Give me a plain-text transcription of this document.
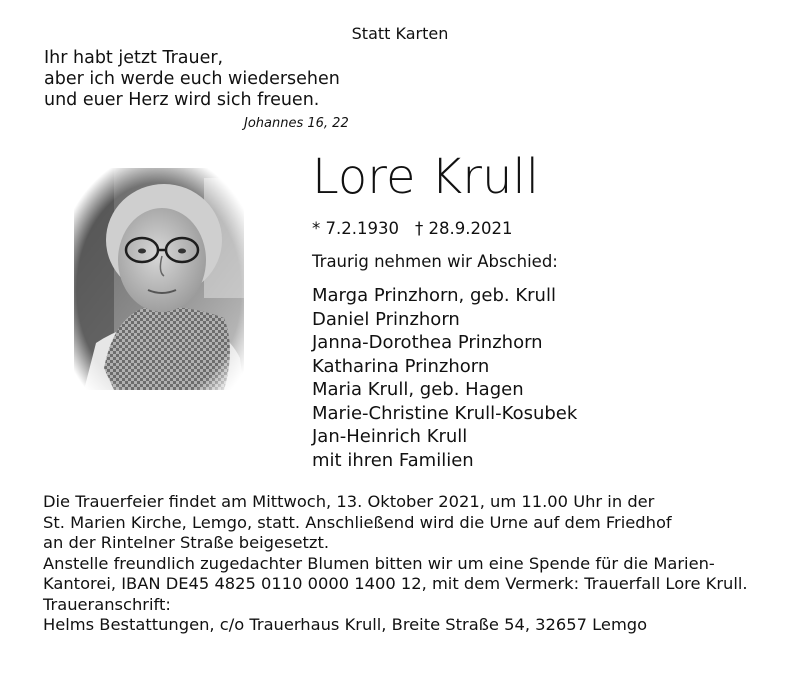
Statt Karten
Ihr habt jetzt Trauer,
aber ich werde euch wiedersehen
und euer Herz wird sich freuen.
Johannes 16, 22
Lore Krull
* 7.2.1930 † 28.9.2021
Traurig nehmen wir Abschied:
Marga Prinzhorn, geb. Krull
Daniel Prinzhorn
Janna-Dorothea Prinzhorn
Katharina Prinzhorn
Maria Krull, geb. Hagen
Marie-Christine Krull-Kosubek
Jan-Heinrich Krull
mit ihren Familien
Die Trauerfeier findet am Mittwoch, 13. Oktober 2021, um 11.00 Uhr in der
St. Marien Kirche, Lemgo, statt. Anschließend wird die Urne auf dem Friedhof
an der Rintelner Straße beigesetzt.
Anstelle freundlich zugedachter Blumen bitten wir um eine Spende für die Marien-
Kantorei, IBAN DE45 4825 0110 0000 1400 12, mit dem Vermerk: Trauerfall Lore Krull.
Traueranschrift:
Helms Bestattungen, c/o Trauerhaus Krull, Breite Straße 54, 32657 Lemgo
